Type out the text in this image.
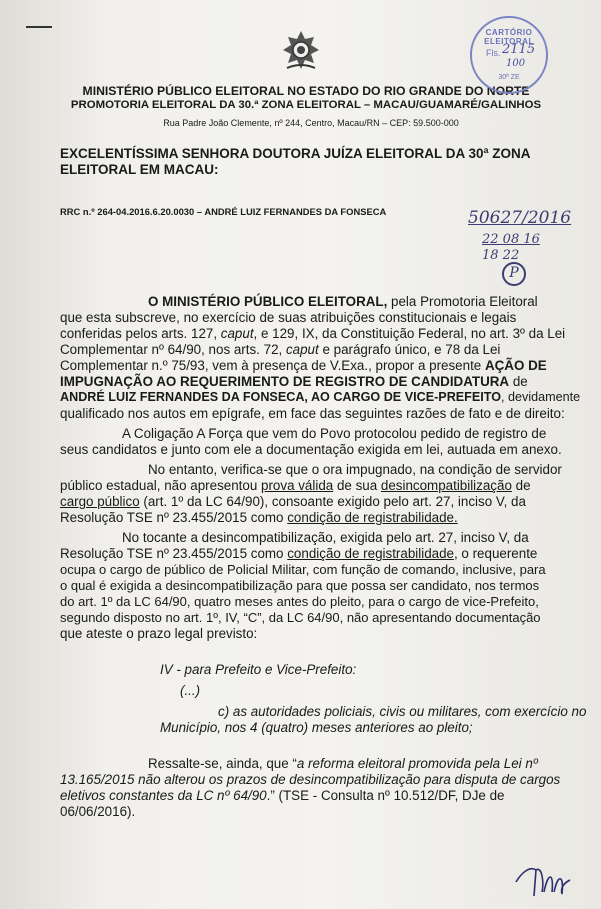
MINISTÉRIO PÚBLICO ELEITORAL NO ESTADO DO RIO GRANDE DO NORTE
PROMOTORIA ELEITORAL DA 30.ª ZONA ELEITORAL – MACAU/GUAMARÉ/GALINHOS
Rua Padre João Clemente, nº 244, Centro, Macau/RN – CEP: 59.500-000
CARTÓRIO ELEITORAL
Fls. 2115
100
30ª ZE
EXCELENTÍSSIMA SENHORA DOUTORA JUÍZA ELEITORAL DA 30ª ZONA
ELEITORAL EM MACAU:
RRC n.º 264-04.2016.6.20.0030 – ANDRÉ LUIZ FERNANDES DA FONSECA	50627/2016
22 08 16
18 22
P
O MINISTÉRIO PÚBLICO ELEITORAL, pela Promotoria Eleitoral
que esta subscreve, no exercício de suas atribuições constitucionais e legais
conferidas pelos arts. 127, caput, e 129, IX, da Constituição Federal, no art. 3º da Lei
Complementar nº 64/90, nos arts. 72, caput e parágrafo único, e 78 da Lei
Complementar n.º 75/93, vem à presença de V.Exa., propor a presente AÇÃO DE
IMPUGNAÇÃO AO REQUERIMENTO DE REGISTRO DE CANDIDATURA de
ANDRÉ LUIZ FERNANDES DA FONSECA, AO CARGO DE VICE-PREFEITO, devidamente
qualificado nos autos em epígrafe, em face das seguintes razões de fato e de direito:
A Coligação A Força que vem do Povo protocolou pedido de registro de
seus candidatos e junto com ele a documentação exigida em lei, autuada em anexo.
No entanto, verifica-se que o ora impugnado, na condição de servidor
público estadual, não apresentou prova válida de sua desincompatibilização de
cargo público (art. 1º da LC 64/90), consoante exigido pelo art. 27, inciso V, da
Resolução TSE nº 23.455/2015 como condição de registrabilidade.
No tocante a desincompatibilização, exigida pelo art. 27, inciso V, da
Resolução TSE nº 23.455/2015 como condição de registrabilidade, o requerente
ocupa o cargo de público de Policial Militar, com função de comando, inclusive, para
o qual é exigida a desincompatibilização para que possa ser candidato, nos termos
do art. 1º da LC 64/90, quatro meses antes do pleito, para o cargo de vice-Prefeito,
segundo disposto no art. 1º, IV, “C”, da LC 64/90, não apresentando documentação
que ateste o prazo legal previsto:
IV - para Prefeito e Vice-Prefeito:
(...)
c) as autoridades policiais, civis ou militares, com exercício no
Município, nos 4 (quatro) meses anteriores ao pleito;
Ressalte-se, ainda, que “a reforma eleitoral promovida pela Lei nº
13.165/2015 não alterou os prazos de desincompatibilização para disputa de cargos
eletivos constantes da LC nº 64/90.” (TSE - Consulta nº 10.512/DF, DJe de
06/06/2016).
